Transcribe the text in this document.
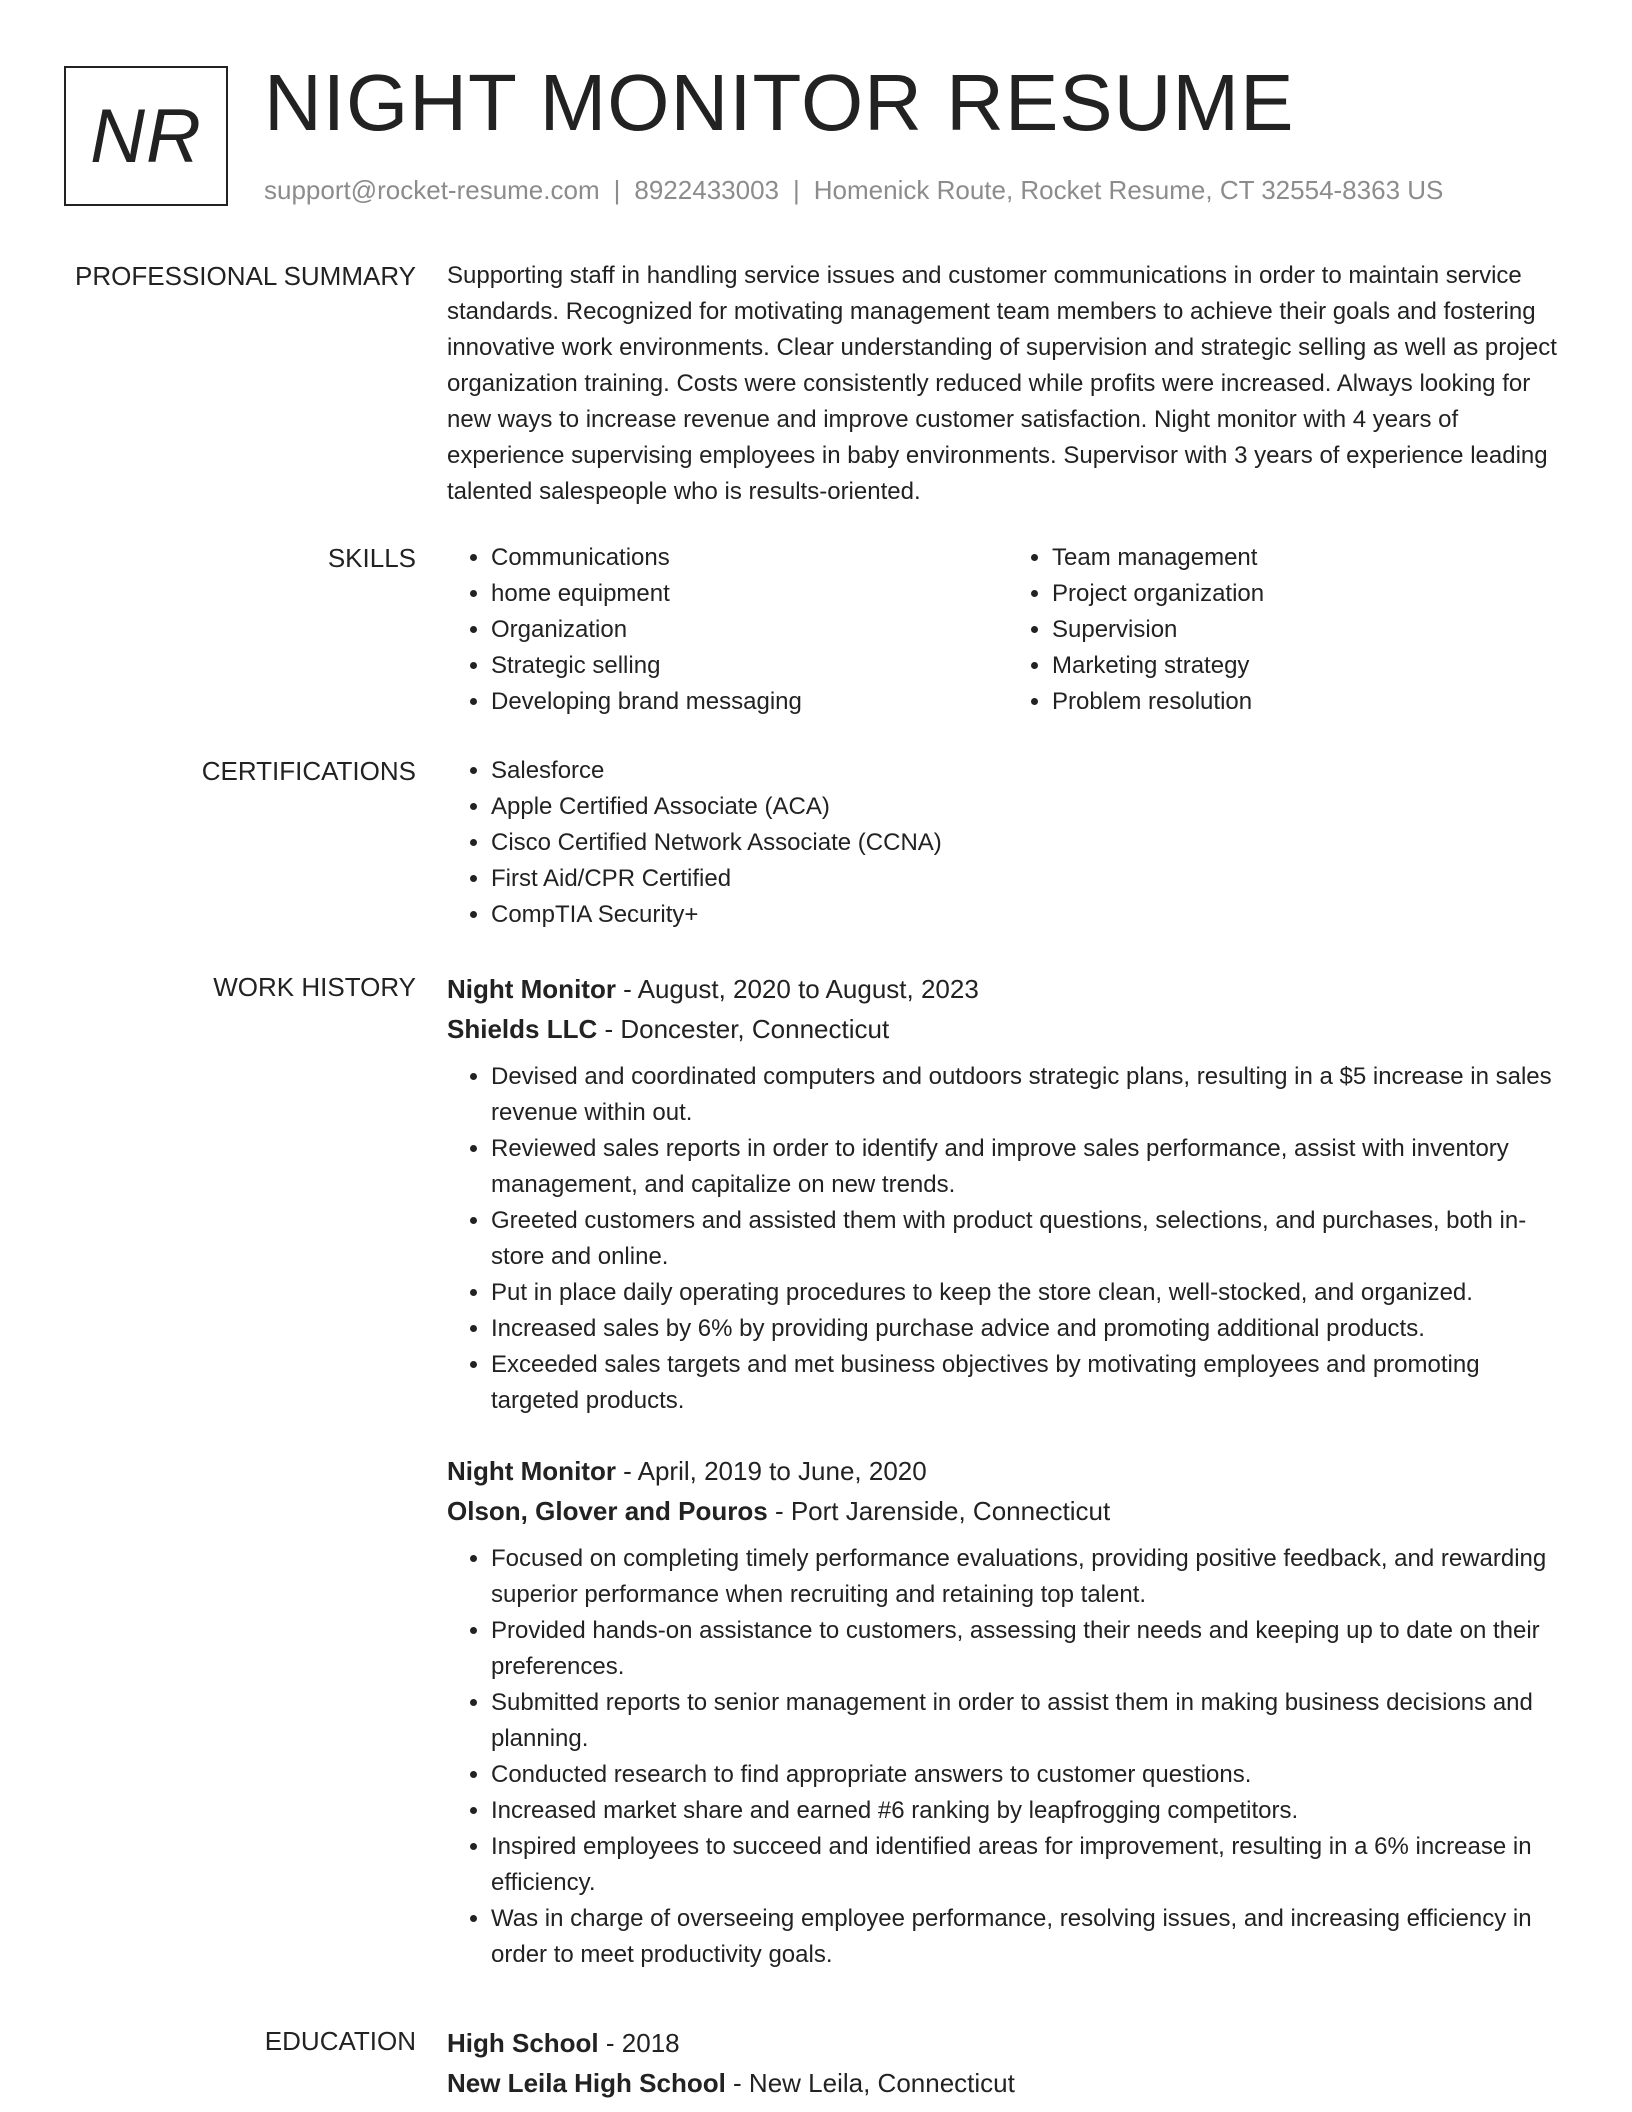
NR NIGHT MONITOR RESUME
support@rocket-resume.com | 8922433003 | Homenick Route, Rocket Resume, CT 32554-8363 US
PROFESSIONAL SUMMARY Supporting staff in handling service issues and customer communications in order to maintain service standards. Recognized for motivating management team members to achieve their goals and fostering innovative work environments. Clear understanding of supervision and strategic selling as well as project organization training. Costs were consistently reduced while profits were increased. Always looking for new ways to increase revenue and improve customer satisfaction. Night monitor with 4 years of experience supervising employees in baby environments. Supervisor with 3 years of experience leading talented salespeople who is results-oriented.

SKILLS	• Communications
• home equipment
• Organization
• Strategic selling
• Developing brand messaging
• Team management
• Project organization
• Supervision
• Marketing strategy
• Problem resolution
CERTIFICATIONS	• Salesforce
• Apple Certified Associate (ACA)
• Cisco Certified Network Associate (CCNA)
• First Aid/CPR Certified
• CompTIA Security+
WORK HISTORY Night Monitor - August, 2020 to August, 2023
Shields LLC - Doncester, Connecticut
• Devised and coordinated computers and outdoors strategic plans, resulting in a $5 increase in sales revenue within out.
• Reviewed sales reports in order to identify and improve sales performance, assist with inventory management, and capitalize on new trends.
• Greeted customers and assisted them with product questions, selections, and purchases, both in-store and online.
• Put in place daily operating procedures to keep the store clean, well-stocked, and organized.
• Increased sales by 6% by providing purchase advice and promoting additional products.
• Exceeded sales targets and met business objectives by motivating employees and promoting targeted products.
Night Monitor - April, 2019 to June, 2020
Olson, Glover and Pouros - Port Jarenside, Connecticut
• Focused on completing timely performance evaluations, providing positive feedback, and rewarding superior performance when recruiting and retaining top talent.
• Provided hands-on assistance to customers, assessing their needs and keeping up to date on their preferences.
• Submitted reports to senior management in order to assist them in making business decisions and planning.
• Conducted research to find appropriate answers to customer questions.
• Increased market share and earned #6 ranking by leapfrogging competitors.
• Inspired employees to succeed and identified areas for improvement, resulting in a 6% increase in efficiency.
• Was in charge of overseeing employee performance, resolving issues, and increasing efficiency in order to meet productivity goals.
EDUCATION High School - 2018
New Leila High School - New Leila, Connecticut
